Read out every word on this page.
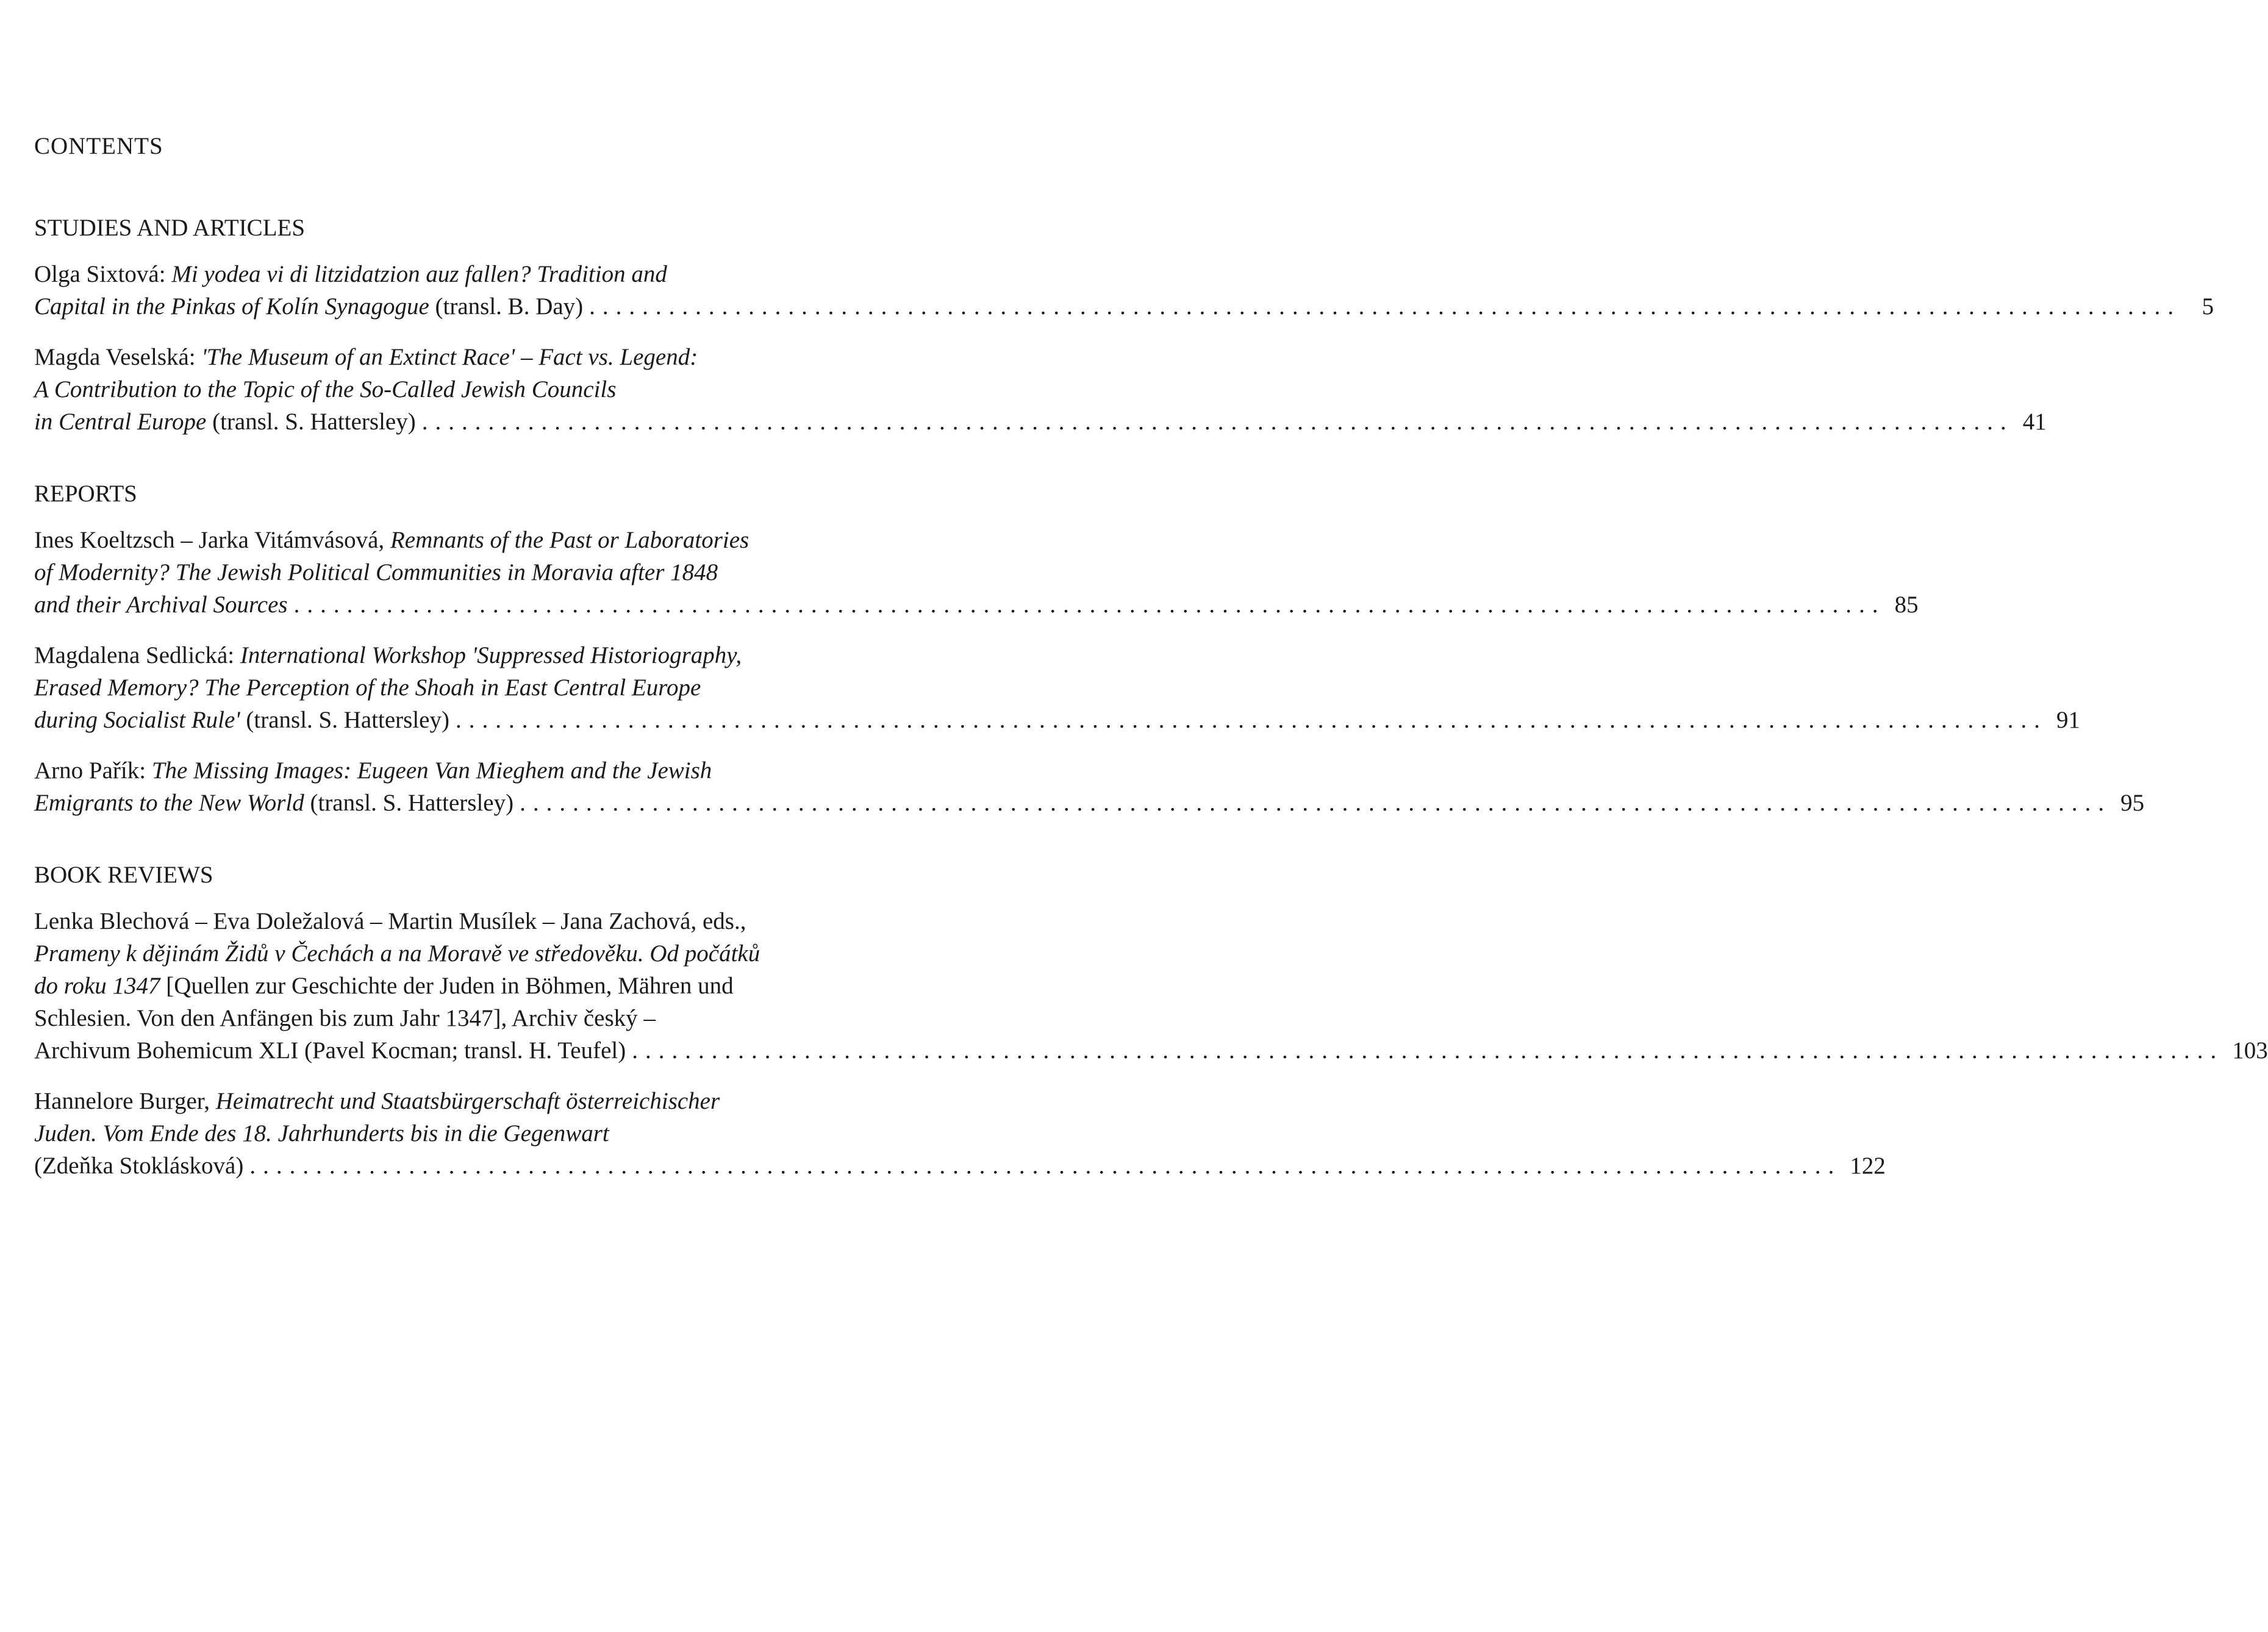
CONTENTS
STUDIES AND ARTICLES
Olga Sixtová: Mi yodea vi di litzidatzion auz fallen? Tradition and
Capital in the Pinkas of Kolín Synagogue (transl. B. Day) ........................................................................................................................ 5
Magda Veselská: 'The Museum of an Extinct Race' – Fact vs. Legend:
A Contribution to the Topic of the So-Called Jewish Councils
in Central Europe (transl. S. Hattersley) ........................................................................................................................ 41
REPORTS
Ines Koeltzsch – Jarka Vitámvásová, Remnants of the Past or Laboratories
of Modernity? The Jewish Political Communities in Moravia after 1848
and their Archival Sources ........................................................................................................................ 85
Magdalena Sedlická: International Workshop 'Suppressed Historiography,
Erased Memory? The Perception of the Shoah in East Central Europe
during Socialist Rule' (transl. S. Hattersley) ........................................................................................................................ 91
Arno Pařík: The Missing Images: Eugeen Van Mieghem and the Jewish
Emigrants to the New World (transl. S. Hattersley) ........................................................................................................................ 95
BOOK REVIEWS
Lenka Blechová – Eva Doležalová – Martin Musílek – Jana Zachová, eds.,
Prameny k dějinám Židů v Čechách a na Moravě ve středověku. Od počátků
do roku 1347 [Quellen zur Geschichte der Juden in Böhmen, Mähren und
Schlesien. Von den Anfängen bis zum Jahr 1347], Archiv český –
Archivum Bohemicum XLI (Pavel Kocman; transl. H. Teufel) ........................................................................................................................ 103
Hannelore Burger, Heimatrecht und Staatsbürgerschaft österreichischer
Juden. Vom Ende des 18. Jahrhunderts bis in die Gegenwart
(Zdeňka Stoklásková) ........................................................................................................................ 122
